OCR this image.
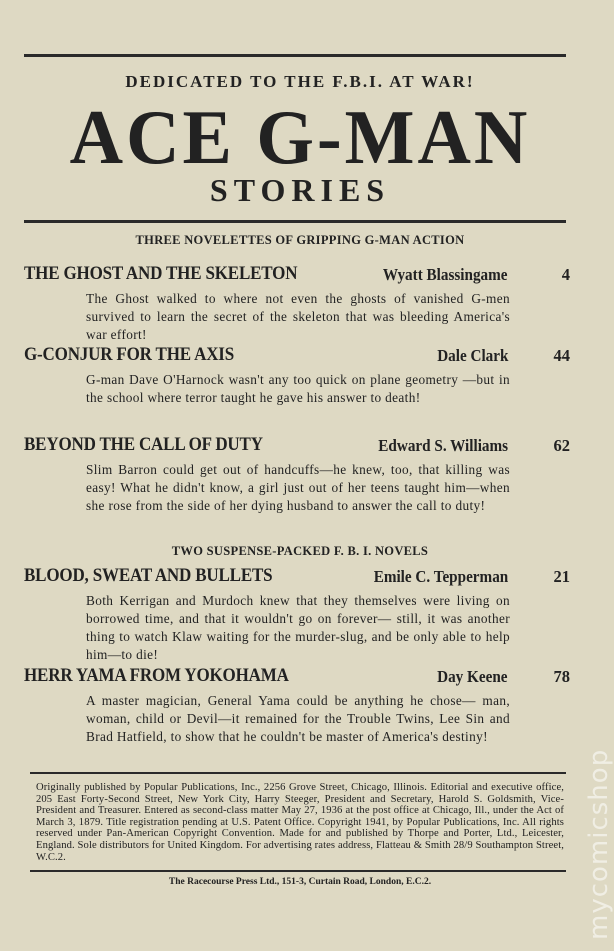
DEDICATED TO THE F.B.I. AT WAR!
ACE G-MAN
STORIES
THREE NOVELETTES OF GRIPPING G-MAN ACTION
THE GHOST AND THE SKELETON	Wyatt Blassingame	4

The Ghost walked to where not even the ghosts of vanished G-men survived to learn the secret of the skeleton that was bleeding America's war effort!

G-CONJUR FOR THE AXIS	Dale Clark	44

G-man Dave O'Harnock wasn't any too quick on plane geometry —but in the school where terror taught he gave his answer to death!

BEYOND THE CALL OF DUTY	Edward S. Williams	62

Slim Barron could get out of handcuffs—he knew, too, that killing was easy! What he didn't know, a girl just out of her teens taught him—when she rose from the side of her dying husband to answer the call to duty!

TWO SUSPENSE-PACKED F. B. I. NOVELS
BLOOD, SWEAT AND BULLETS	Emile C. Tepperman	21

Both Kerrigan and Murdoch knew that they themselves were living on borrowed time, and that it wouldn't go on forever— still, it was another thing to watch Klaw waiting for the murder-slug, and be only able to help him—to die!

HERR YAMA FROM YOKOHAMA	Day Keene	78

A master magician, General Yama could be anything he chose— man, woman, child or Devil—it remained for the Trouble Twins, Lee Sin and Brad Hatfield, to show that he couldn't be master of America's destiny!

Originally published by Popular Publications, Inc., 2256 Grove Street, Chicago, Illinois. Editorial and executive office, 205 East Forty-Second Street, New York City, Harry Steeger, President and Secretary, Harold S. Goldsmith, Vice-President and Treasurer. Entered as second-class matter May 27, 1936 at the post office at Chicago, Ill., under the Act of March 3, 1879. Title registration pending at U.S. Patent Office. Copyright 1941, by Popular Publications, Inc. All rights reserved under Pan-American Copyright Convention. Made for and published by Thorpe and Porter, Ltd., Leicester, England. Sole distributors for United Kingdom. For advertising rates address, Flatteau & Smith 28/9 Southampton Street, W.C.2.
The Racecourse Press Ltd., 151-3, Curtain Road, London, E.C.2.	mycomicshop
